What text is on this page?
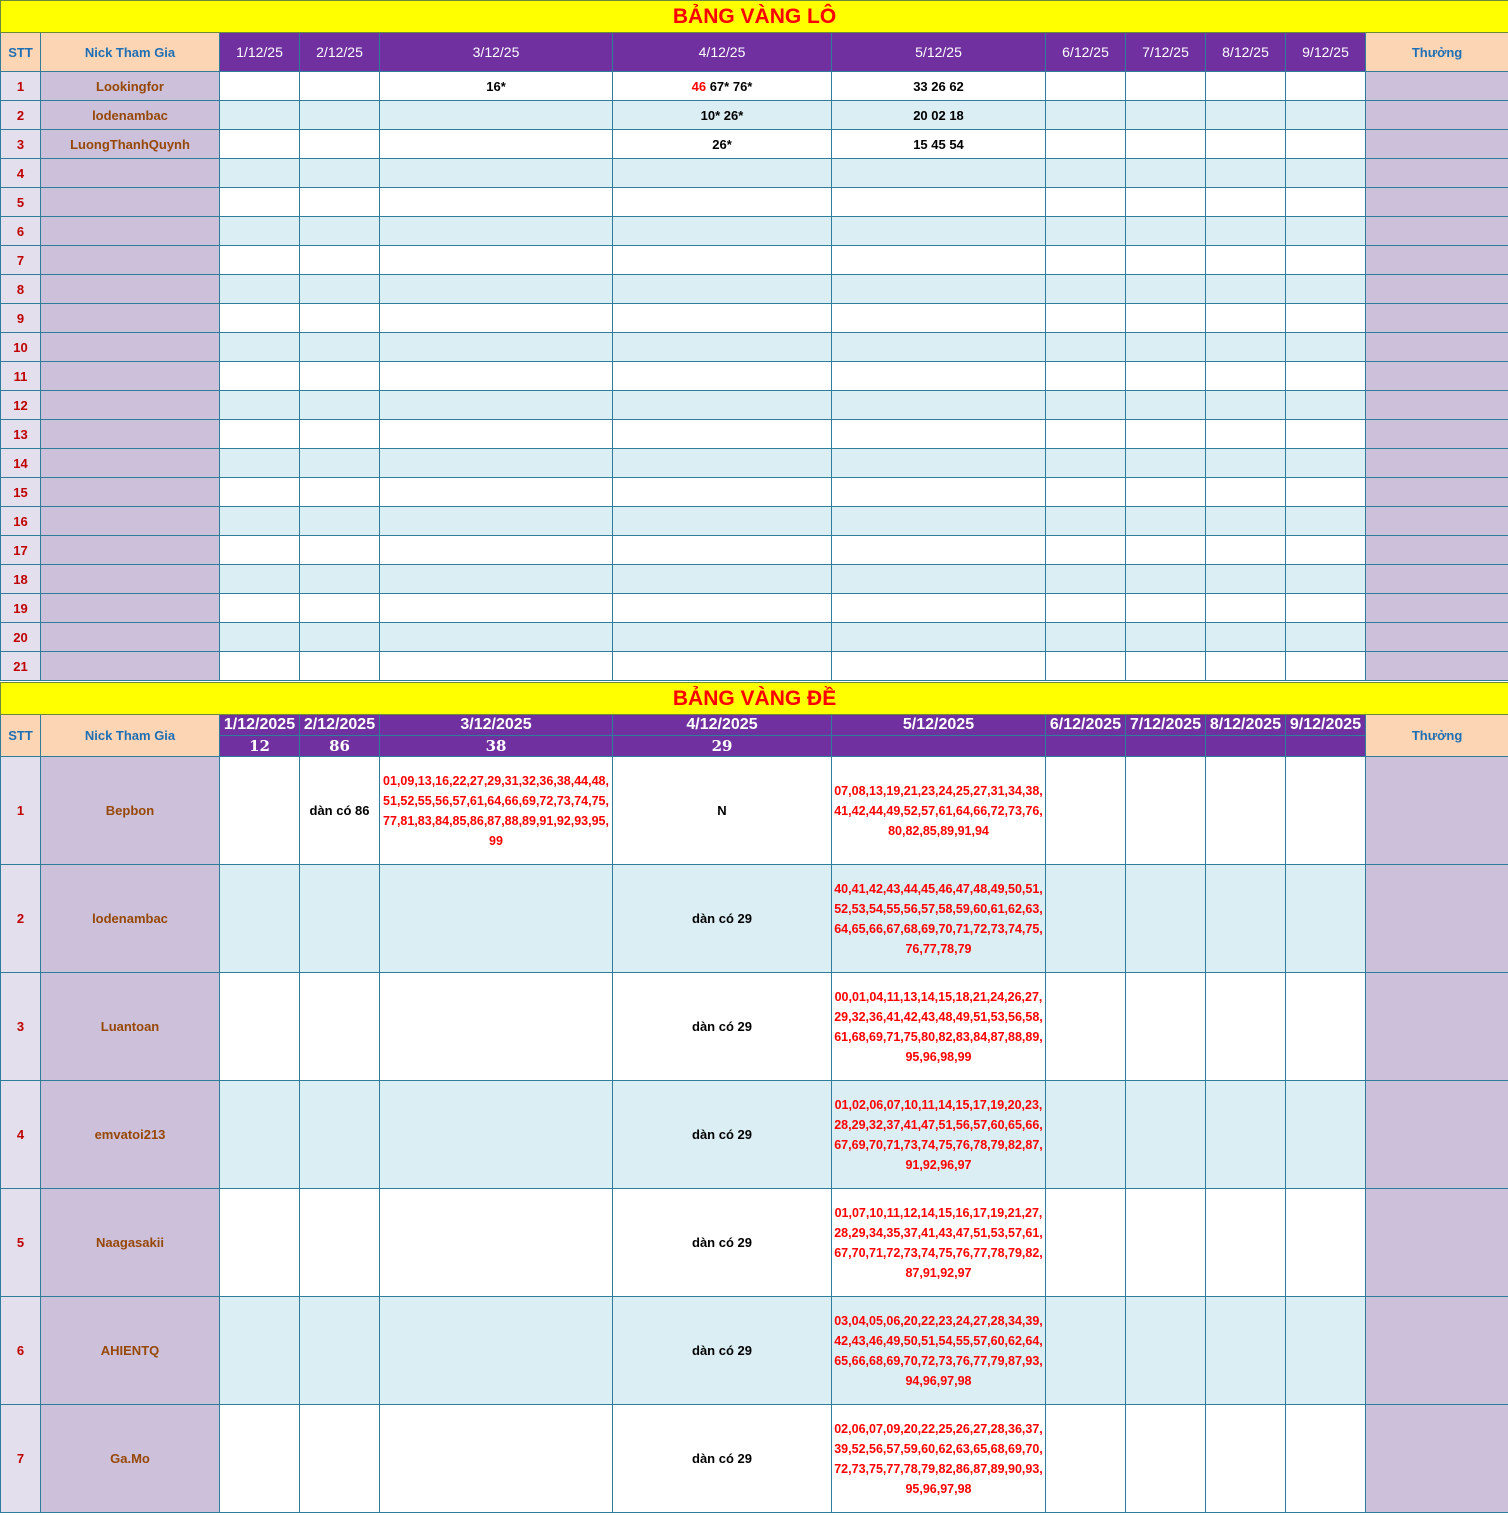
BẢNG VÀNG LÔ											
STT	Nick Tham Gia	1/12/25	2/12/25	3/12/25	4/12/25	5/12/25	6/12/25	7/12/25	8/12/25	9/12/25	Thưởng
1	Lookingfor			16*	46 67* 76*	33 26 62					
2	lodenambac				10* 26*	20 02 18					
3	LuongThanhQuynh				26*	15 45 54					
4											
5											
6											
7											
8											
9											
10											
11											
12											
13											
14											
15											
16											
17											
18											
19											
20											
21											
BẢNG VÀNG ĐỀ											
STT	Nick Tham Gia	1/12/2025	2/12/2025	3/12/2025	4/12/2025	5/12/2025	6/12/2025	7/12/2025	8/12/2025	9/12/2025	Thưởng
		12	86	38	29						
1	Bepbon		dàn có 86	01,09,13,16,22,27,29,31,32,36,38,44,48,51,52,55,56,57,61,64,66,69,72,73,74,75,77,81,83,84,85,86,87,88,89,91,92,93,95,99	N	07,08,13,19,21,23,24,25,27,31,34,38,41,42,44,49,52,57,61,64,66,72,73,76,80,82,85,89,91,94					
2	lodenambac				dàn có 29	40,41,42,43,44,45,46,47,48,49,50,51,52,53,54,55,56,57,58,59,60,61,62,63,64,65,66,67,68,69,70,71,72,73,74,75,76,77,78,79					
3	Luantoan				dàn có 29	00,01,04,11,13,14,15,18,21,24,26,27,29,32,36,41,42,43,48,49,51,53,56,58,61,68,69,71,75,80,82,83,84,87,88,89,95,96,98,99					
4	emvatoi213				dàn có 29	01,02,06,07,10,11,14,15,17,19,20,23,28,29,32,37,41,47,51,56,57,60,65,66,67,69,70,71,73,74,75,76,78,79,82,87,91,92,96,97					
5	Naagasakii				dàn có 29	01,07,10,11,12,14,15,16,17,19,21,27,28,29,34,35,37,41,43,47,51,53,57,61,67,70,71,72,73,74,75,76,77,78,79,82,87,91,92,97					
6	AHIENTQ				dàn có 29	03,04,05,06,20,22,23,24,27,28,34,39,42,43,46,49,50,51,54,55,57,60,62,64,65,66,68,69,70,72,73,76,77,79,87,93,94,96,97,98					
7	Ga.Mo				dàn có 29	02,06,07,09,20,22,25,26,27,28,36,37,39,52,56,57,59,60,62,63,65,68,69,70,72,73,75,77,78,79,82,86,87,89,90,93,95,96,97,98					
